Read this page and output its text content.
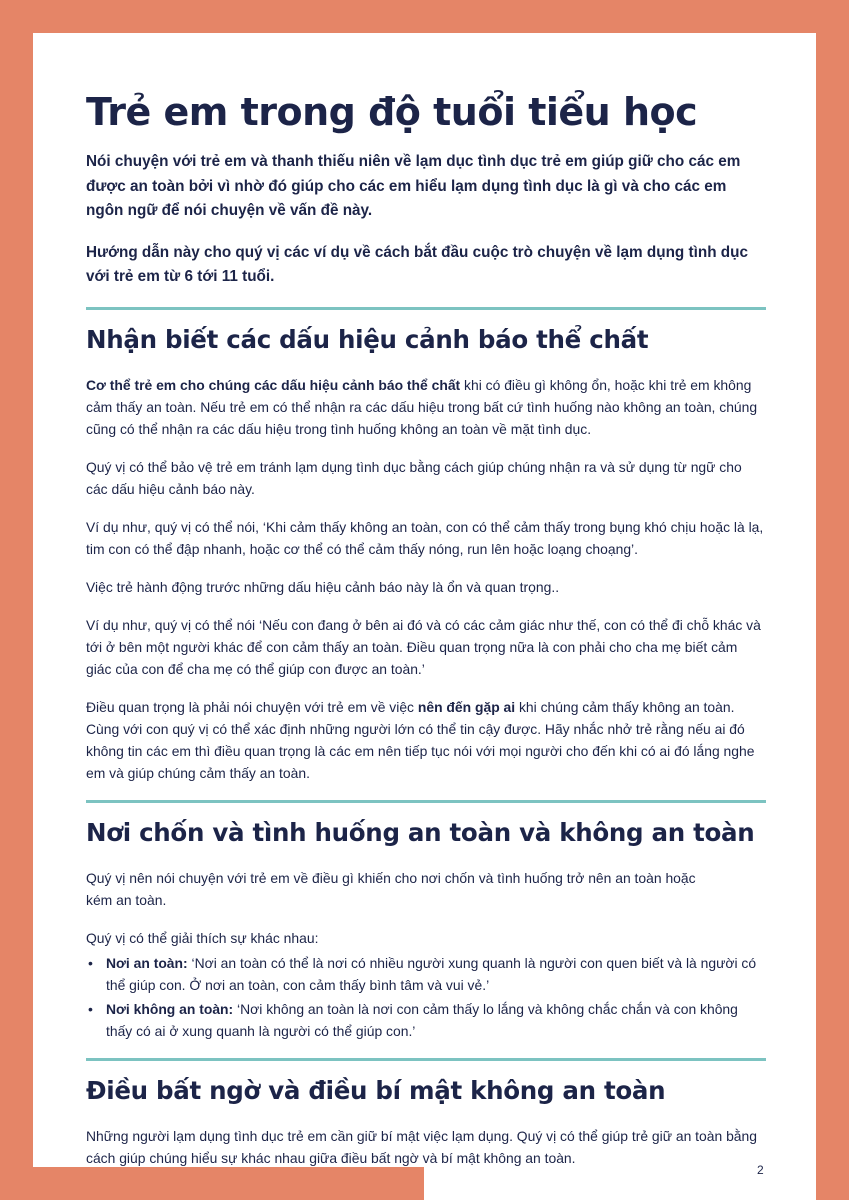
Trẻ em trong độ tuổi tiểu học

Nói chuyện với trẻ em và thanh thiếu niên về lạm dục tình dục trẻ em giúp giữ cho các em được an toàn bởi vì nhờ đó giúp cho các em hiểu lạm dụng tình dục là gì và cho các em ngôn ngữ để nói chuyện về vấn đề này.

Hướng dẫn này cho quý vị các ví dụ về cách bắt đầu cuộc trò chuyện về lạm dụng tình dục với trẻ em từ 6 tới 11 tuổi.

Nhận biết các dấu hiệu cảnh báo thể chất

Cơ thể trẻ em cho chúng các dấu hiệu cảnh báo thể chất khi có điều gì không ổn, hoặc khi trẻ em không cảm thấy an toàn. Nếu trẻ em có thể nhận ra các dấu hiệu trong bất cứ tình huống nào không an toàn, chúng cũng có thể nhận ra các dấu hiệu trong tình huống không an toàn về mặt tình dục.

Quý vị có thể bảo vệ trẻ em tránh lạm dụng tình dục bằng cách giúp chúng nhận ra và sử dụng từ ngữ cho các dấu hiệu cảnh báo này.

Ví dụ như, quý vị có thể nói, ‘Khi cảm thấy không an toàn, con có thể cảm thấy trong bụng khó chịu hoặc là lạ, tim con có thể đập nhanh, hoặc cơ thể có thể cảm thấy nóng, run lên hoặc loạng choạng’.

Việc trẻ hành động trước những dấu hiệu cảnh báo này là ổn và quan trọng..

Ví dụ như, quý vị có thể nói ‘Nếu con đang ở bên ai đó và có các cảm giác như thế, con có thể đi chỗ khác và tới ở bên một người khác để con cảm thấy an toàn. Điều quan trọng nữa là con phải cho cha mẹ biết cảm giác của con để cha mẹ có thể giúp con được an toàn.’

Điều quan trọng là phải nói chuyện với trẻ em về việc nên đến gặp ai khi chúng cảm thấy không an toàn. Cùng với con quý vị có thể xác định những người lớn có thể tin cậy được. Hãy nhắc nhở trẻ rằng nếu ai đó không tin các em thì điều quan trọng là các em nên tiếp tục nói với mọi người cho đến khi có ai đó lắng nghe em và giúp chúng cảm thấy an toàn.

Nơi chốn và tình huống an toàn và không an toàn

Quý vị nên nói chuyện với trẻ em về điều gì khiến cho nơi chốn và tình huống trở nên an toàn hoặc kém an toàn.

Quý vị có thể giải thích sự khác nhau:

• Nơi an toàn: ‘Nơi an toàn có thể là nơi có nhiều người xung quanh là người con quen biết và là người có thể giúp con. Ở nơi an toàn, con cảm thấy bình tâm và vui vẻ.’
• Nơi không an toàn: ‘Nơi không an toàn là nơi con cảm thấy lo lắng và không chắc chắn và con không thấy có ai ở xung quanh là người có thể giúp con.’
Điều bất ngờ và điều bí mật không an toàn

Những người lạm dụng tình dục trẻ em cần giữ bí mật việc lạm dụng. Quý vị có thể giúp trẻ giữ an toàn bằng cách giúp chúng hiểu sự khác nhau giữa điều bất ngờ và bí mật không an toàn.

2
